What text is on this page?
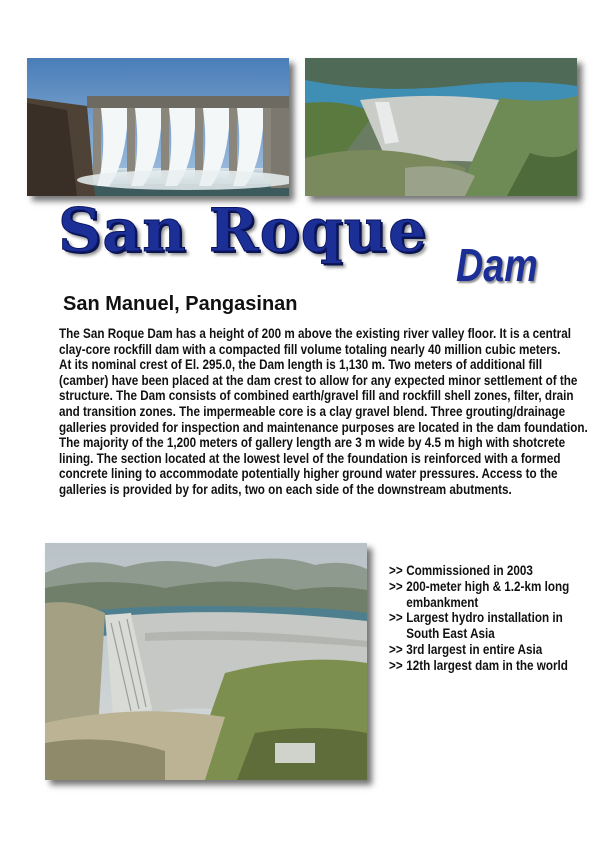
San Roque Dam
San Manuel, Pangasinan
The San Roque Dam has a height of 200 m above the existing river valley floor. It is a central
clay-core rockfill dam with a compacted fill volume totaling nearly 40 million cubic meters.
At its nominal crest of El. 295.0, the Dam length is 1,130 m. Two meters of additional fill
(camber) have been placed at the dam crest to allow for any expected minor settlement of the
structure. The Dam consists of combined earth/gravel fill and rockfill shell zones, filter, drain
and transition zones. The impermeable core is a clay gravel blend. Three grouting/drainage
galleries provided for inspection and maintenance purposes are located in the dam foundation.
The majority of the 1,200 meters of gallery length are 3 m wide by 4.5 m high with shotcrete
lining. The section located at the lowest level of the foundation is reinforced with a formed
concrete lining to accommodate potentially higher ground water pressures. Access to the
galleries is provided by for adits, two on each side of the downstream abutments.
>> Commissioned in 2003
>> 200-meter high & 1.2-km long embankment
>> Largest hydro installation in South East Asia
>> 3rd largest in entire Asia
>> 12th largest dam in the world
